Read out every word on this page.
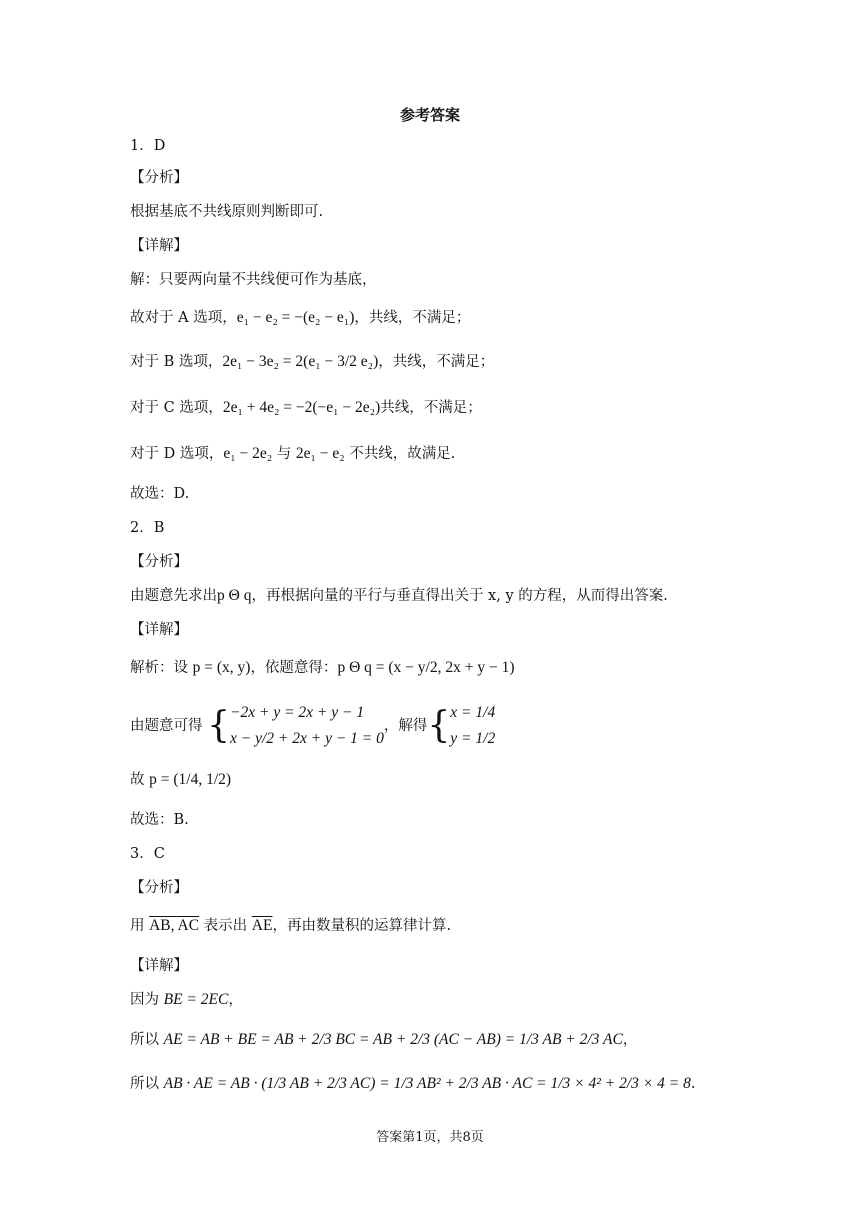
参考答案
1．D
【分析】
根据基底不共线原则判断即可.
【详解】
解：只要两向量不共线便可作为基底，
故对于 A 选项，e₁ − e₂ = −(e₂ − e₁)，共线，不满足；
对于 B 选项，2e₁ − 3e₂ = 2(e₁ − 3/2 e₂)，共线，不满足；
对于 C 选项，2e₁ + 4e₂ = −2(−e₁ − 2e₂)共线，不满足；
对于 D 选项，e₁ − 2e₂ 与 2e₁ − e₂ 不共线，故满足.
故选：D.
2．B
【分析】
由题意先求出p Θ q，再根据向量的平行与垂直得出关于 x, y 的方程，从而得出答案.
【详解】
解析：设 p = (x, y)，依题意得：p Θ q = (x − y/2, 2x + y − 1)
由题意可得 { −2x + y = 2x + y − 1
x − y/2 + 2x + y − 1 = 0
，解得{ x = 1/4
y = 1/2
故 p = (1/4, 1/2)
故选：B.
3．C
【分析】
用 AB, AC 表示出 $\overline{AE}$，再由数量积的运算律计算.
【详解】
因为 BE = 2EC，
所以 AE = AB + BE = AB + 2/3 BC = AB + 2/3 (AC − AB) = 1/3 AB + 2/3 AC，
所以 AB · AE = AB · (1/3 AB + 2/3 AC) = 1/3 AB² + 2/3 AB · AC = 1/3 × 4² + 2/3 × 4 = 8.
答案第1页，共8页
